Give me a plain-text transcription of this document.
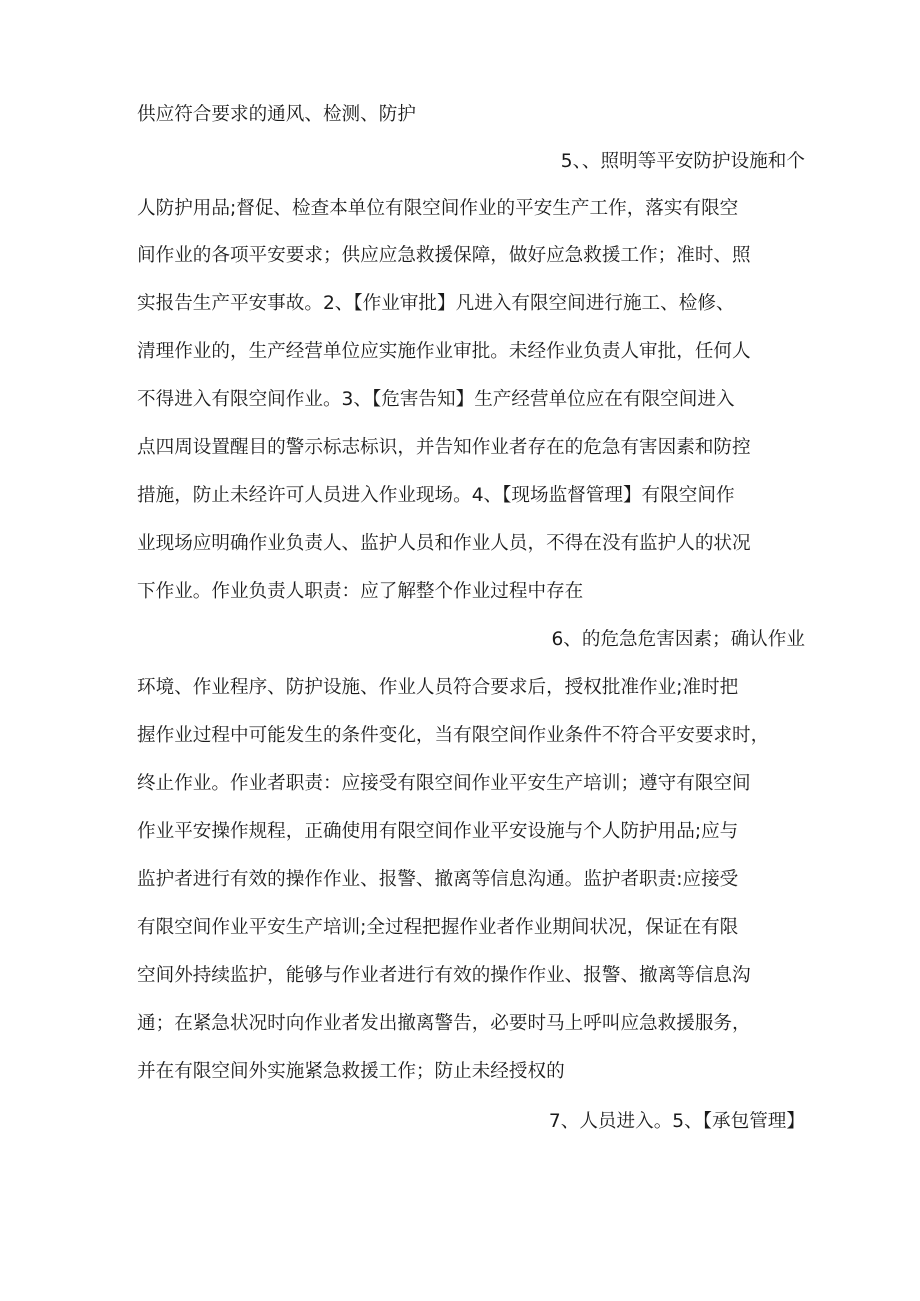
供应符合要求的通风、检测、防护
5、、照明等平安防护设施和个
人防护用品;督促、检查本单位有限空间作业的平安生产工作，落实有限空
间作业的各项平安要求；供应应急救援保障，做好应急救援工作；准时、照
实报告生产平安事故。2、【作业审批】凡进入有限空间进行施工、检修、
清理作业的，生产经营单位应实施作业审批。未经作业负责人审批，任何人
不得进入有限空间作业。3、【危害告知】生产经营单位应在有限空间进入
点四周设置醒目的警示标志标识，并告知作业者存在的危急有害因素和防控
措施，防止未经许可人员进入作业现场。4、【现场监督管理】有限空间作
业现场应明确作业负责人、监护人员和作业人员，不得在没有监护人的状况
下作业。作业负责人职责：应了解整个作业过程中存在
6、的危急危害因素；确认作业
环境、作业程序、防护设施、作业人员符合要求后，授权批准作业;准时把
握作业过程中可能发生的条件变化，当有限空间作业条件不符合平安要求时，
终止作业。作业者职责：应接受有限空间作业平安生产培训；遵守有限空间
作业平安操作规程，正确使用有限空间作业平安设施与个人防护用品;应与
监护者进行有效的操作作业、报警、撤离等信息沟通。监护者职责:应接受
有限空间作业平安生产培训;全过程把握作业者作业期间状况，保证在有限
空间外持续监护，能够与作业者进行有效的操作作业、报警、撤离等信息沟
通；在紧急状况时向作业者发出撤离警告，必要时马上呼叫应急救援服务，
并在有限空间外实施紧急救援工作；防止未经授权的
7、人员进入。5、【承包管理】
